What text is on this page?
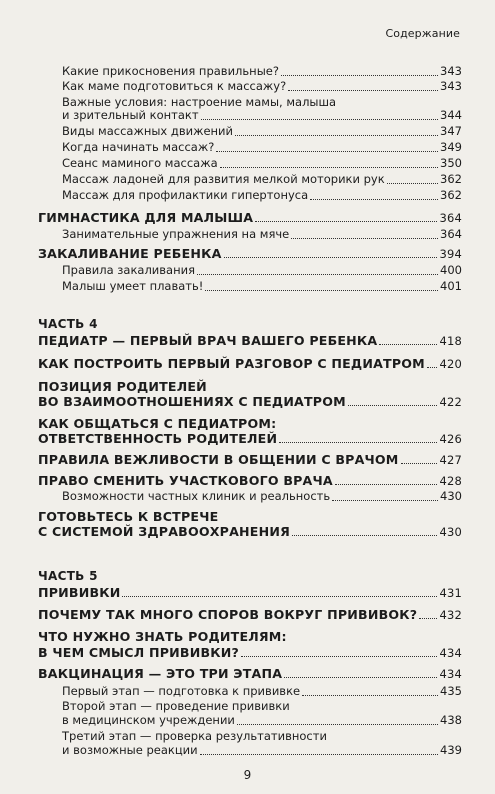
Содержание
Какие прикосновения правильные?	343
Как маме подготовиться к массажу?	343
Важные условия: настроение мамы, малыша
и зрительный контакт	344
Виды массажных движений	347
Когда начинать массаж?	349
Сеанс маминого массажа	350
Массаж ладоней для развития мелкой моторики рук	362
Массаж для профилактики гипертонуса	362
ГИМНАСТИКА ДЛЯ МАЛЫША	364
Занимательные упражнения на мяче	364
ЗАКАЛИВАНИЕ РЕБЕНКА	394
Правила закаливания	400
Малыш умеет плавать!	401
ЧАСТЬ 4
ПЕДИАТР — ПЕРВЫЙ ВРАЧ ВАШЕГО РЕБЕНКА	418
КАК ПОСТРОИТЬ ПЕРВЫЙ РАЗГОВОР С ПЕДИАТРОМ 420
ПОЗИЦИЯ РОДИТЕЛЕЙ
ВО ВЗАИМООТНОШЕНИЯХ С ПЕДИАТРОМ	422
КАК ОБЩАТЬСЯ С ПЕДИАТРОМ:
ОТВЕТСТВЕННОСТЬ РОДИТЕЛЕЙ	426
ПРАВИЛА ВЕЖЛИВОСТИ В ОБЩЕНИИ С ВРАЧОМ	427
ПРАВО СМЕНИТЬ УЧАСТКОВОГО ВРАЧА	428
Возможности частных клиник и реальность	430
ГОТОВЬТЕСЬ К ВСТРЕЧЕ
С СИСТЕМОЙ ЗДРАВООХРАНЕНИЯ	430
ЧАСТЬ 5
ПРИВИВКИ	431
ПОЧЕМУ ТАК МНОГО СПОРОВ ВОКРУГ ПРИВИВОК? 432
ЧТО НУЖНО ЗНАТЬ РОДИТЕЛЯМ:
В ЧЕМ СМЫСЛ ПРИВИВКИ?	434
ВАКЦИНАЦИЯ — ЭТО ТРИ ЭТАПА	434
Первый этап — подготовка к прививке	435
Второй этап — проведение прививки
в медицинском учреждении	438
Третий этап — проверка результативности
и возможные реакции	439
9
